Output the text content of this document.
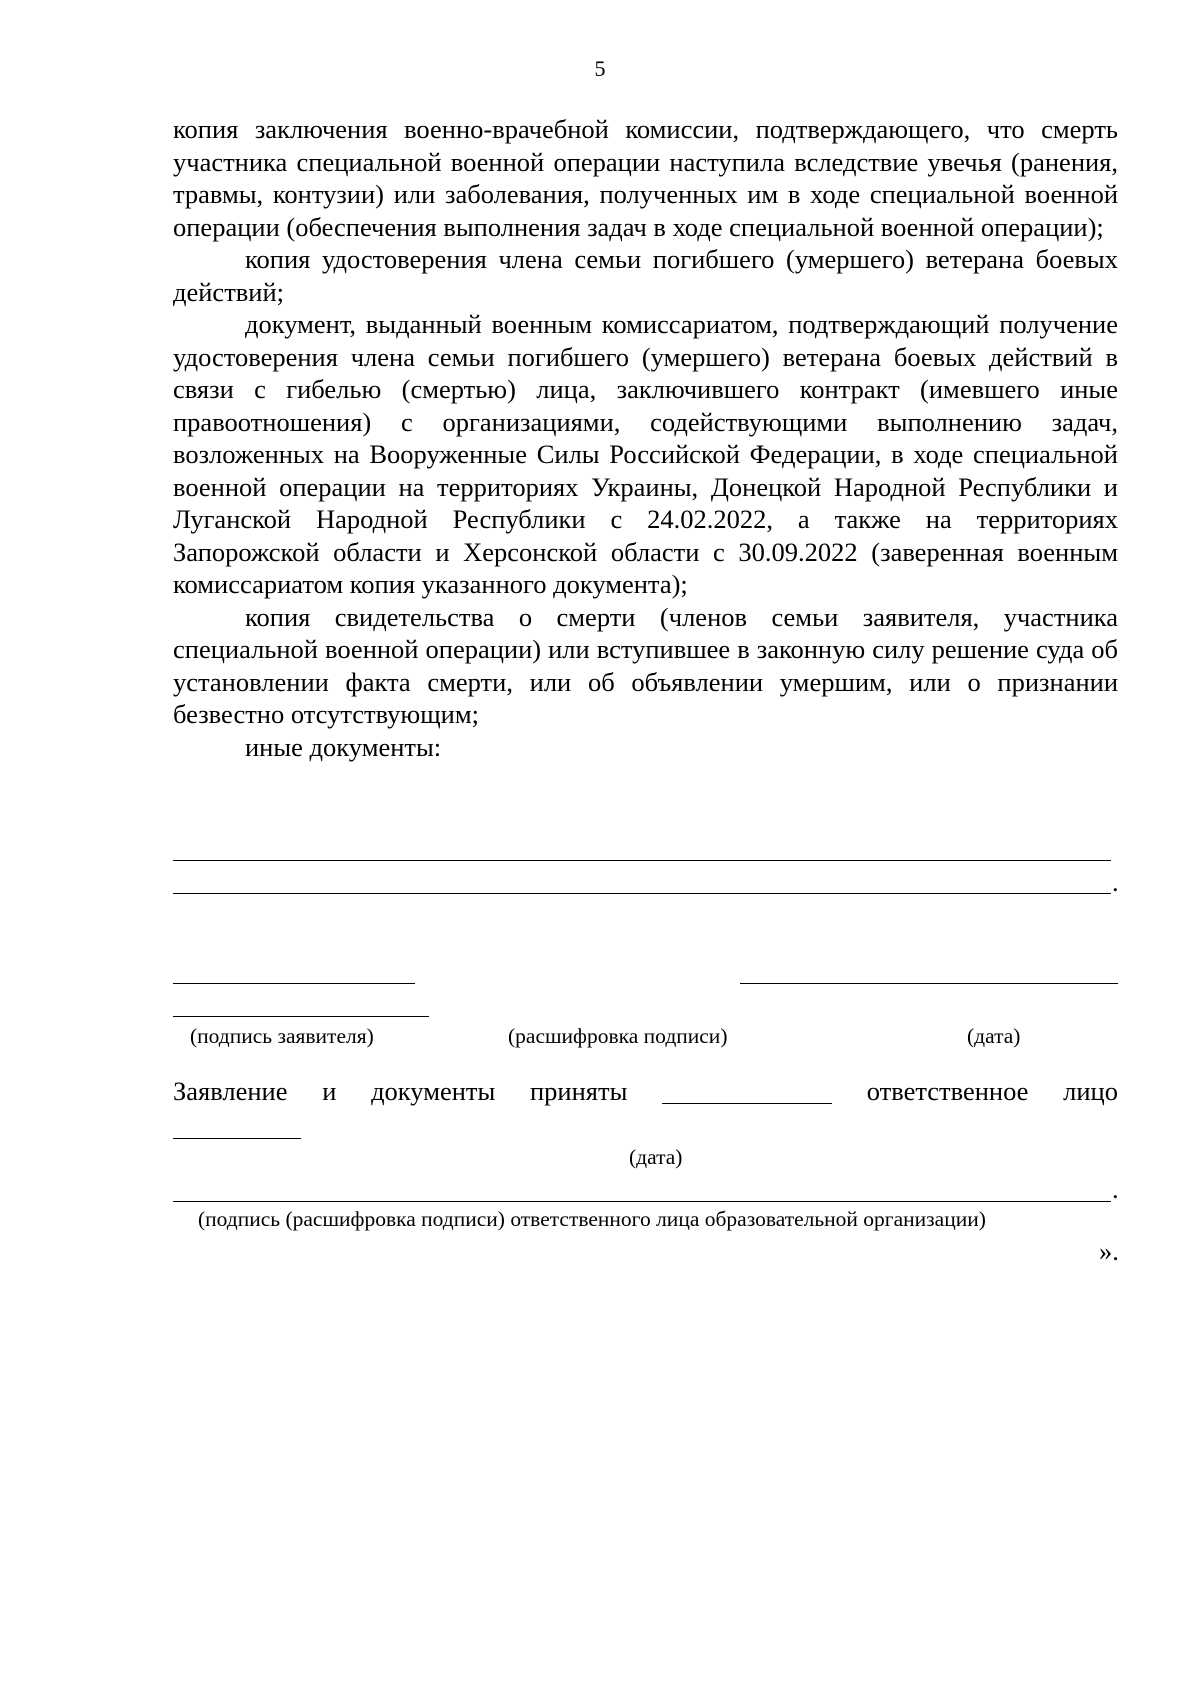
5

копия заключения военно-врачебной комиссии, подтверждающего, что смерть участника специальной военной операции наступила вследствие увечья (ранения, травмы, контузии) или заболевания, полученных им в ходе специальной военной операции (обеспечения выполнения задач в ходе специальной военной операции);

копия удостоверения члена семьи погибшего (умершего) ветерана боевых действий;

документ, выданный военным комиссариатом, подтверждающий получение удостоверения члена семьи погибшего (умершего) ветерана боевых действий в связи с гибелью (смертью) лица, заключившего контракт (имевшего иные правоотношения) с организациями, содействующими выполнению задач, возложенных на Вооруженные Силы Российской Федерации, в ходе специальной военной операции на территориях Украины, Донецкой Народной Республики и Луганской Народной Республики с 24.02.2022, а также на территориях Запорожской области и Херсонской области с 30.09.2022 (заверенная военным комиссариатом копия указанного документа);

копия свидетельства о смерти (членов семьи заявителя, участника специальной военной операции) или вступившее в законную силу решение суда об установлении факта смерти, или об объявлении умершим, или о признании безвестно отсутствующим;

иные документы:

.
(подпись заявителя)	(расшифровка подписи)	(дата)
Заявление и документы приняты	ответственное лицо
(дата)
.
(подпись (расшифровка подписи) ответственного лица образовательной организации)
».
